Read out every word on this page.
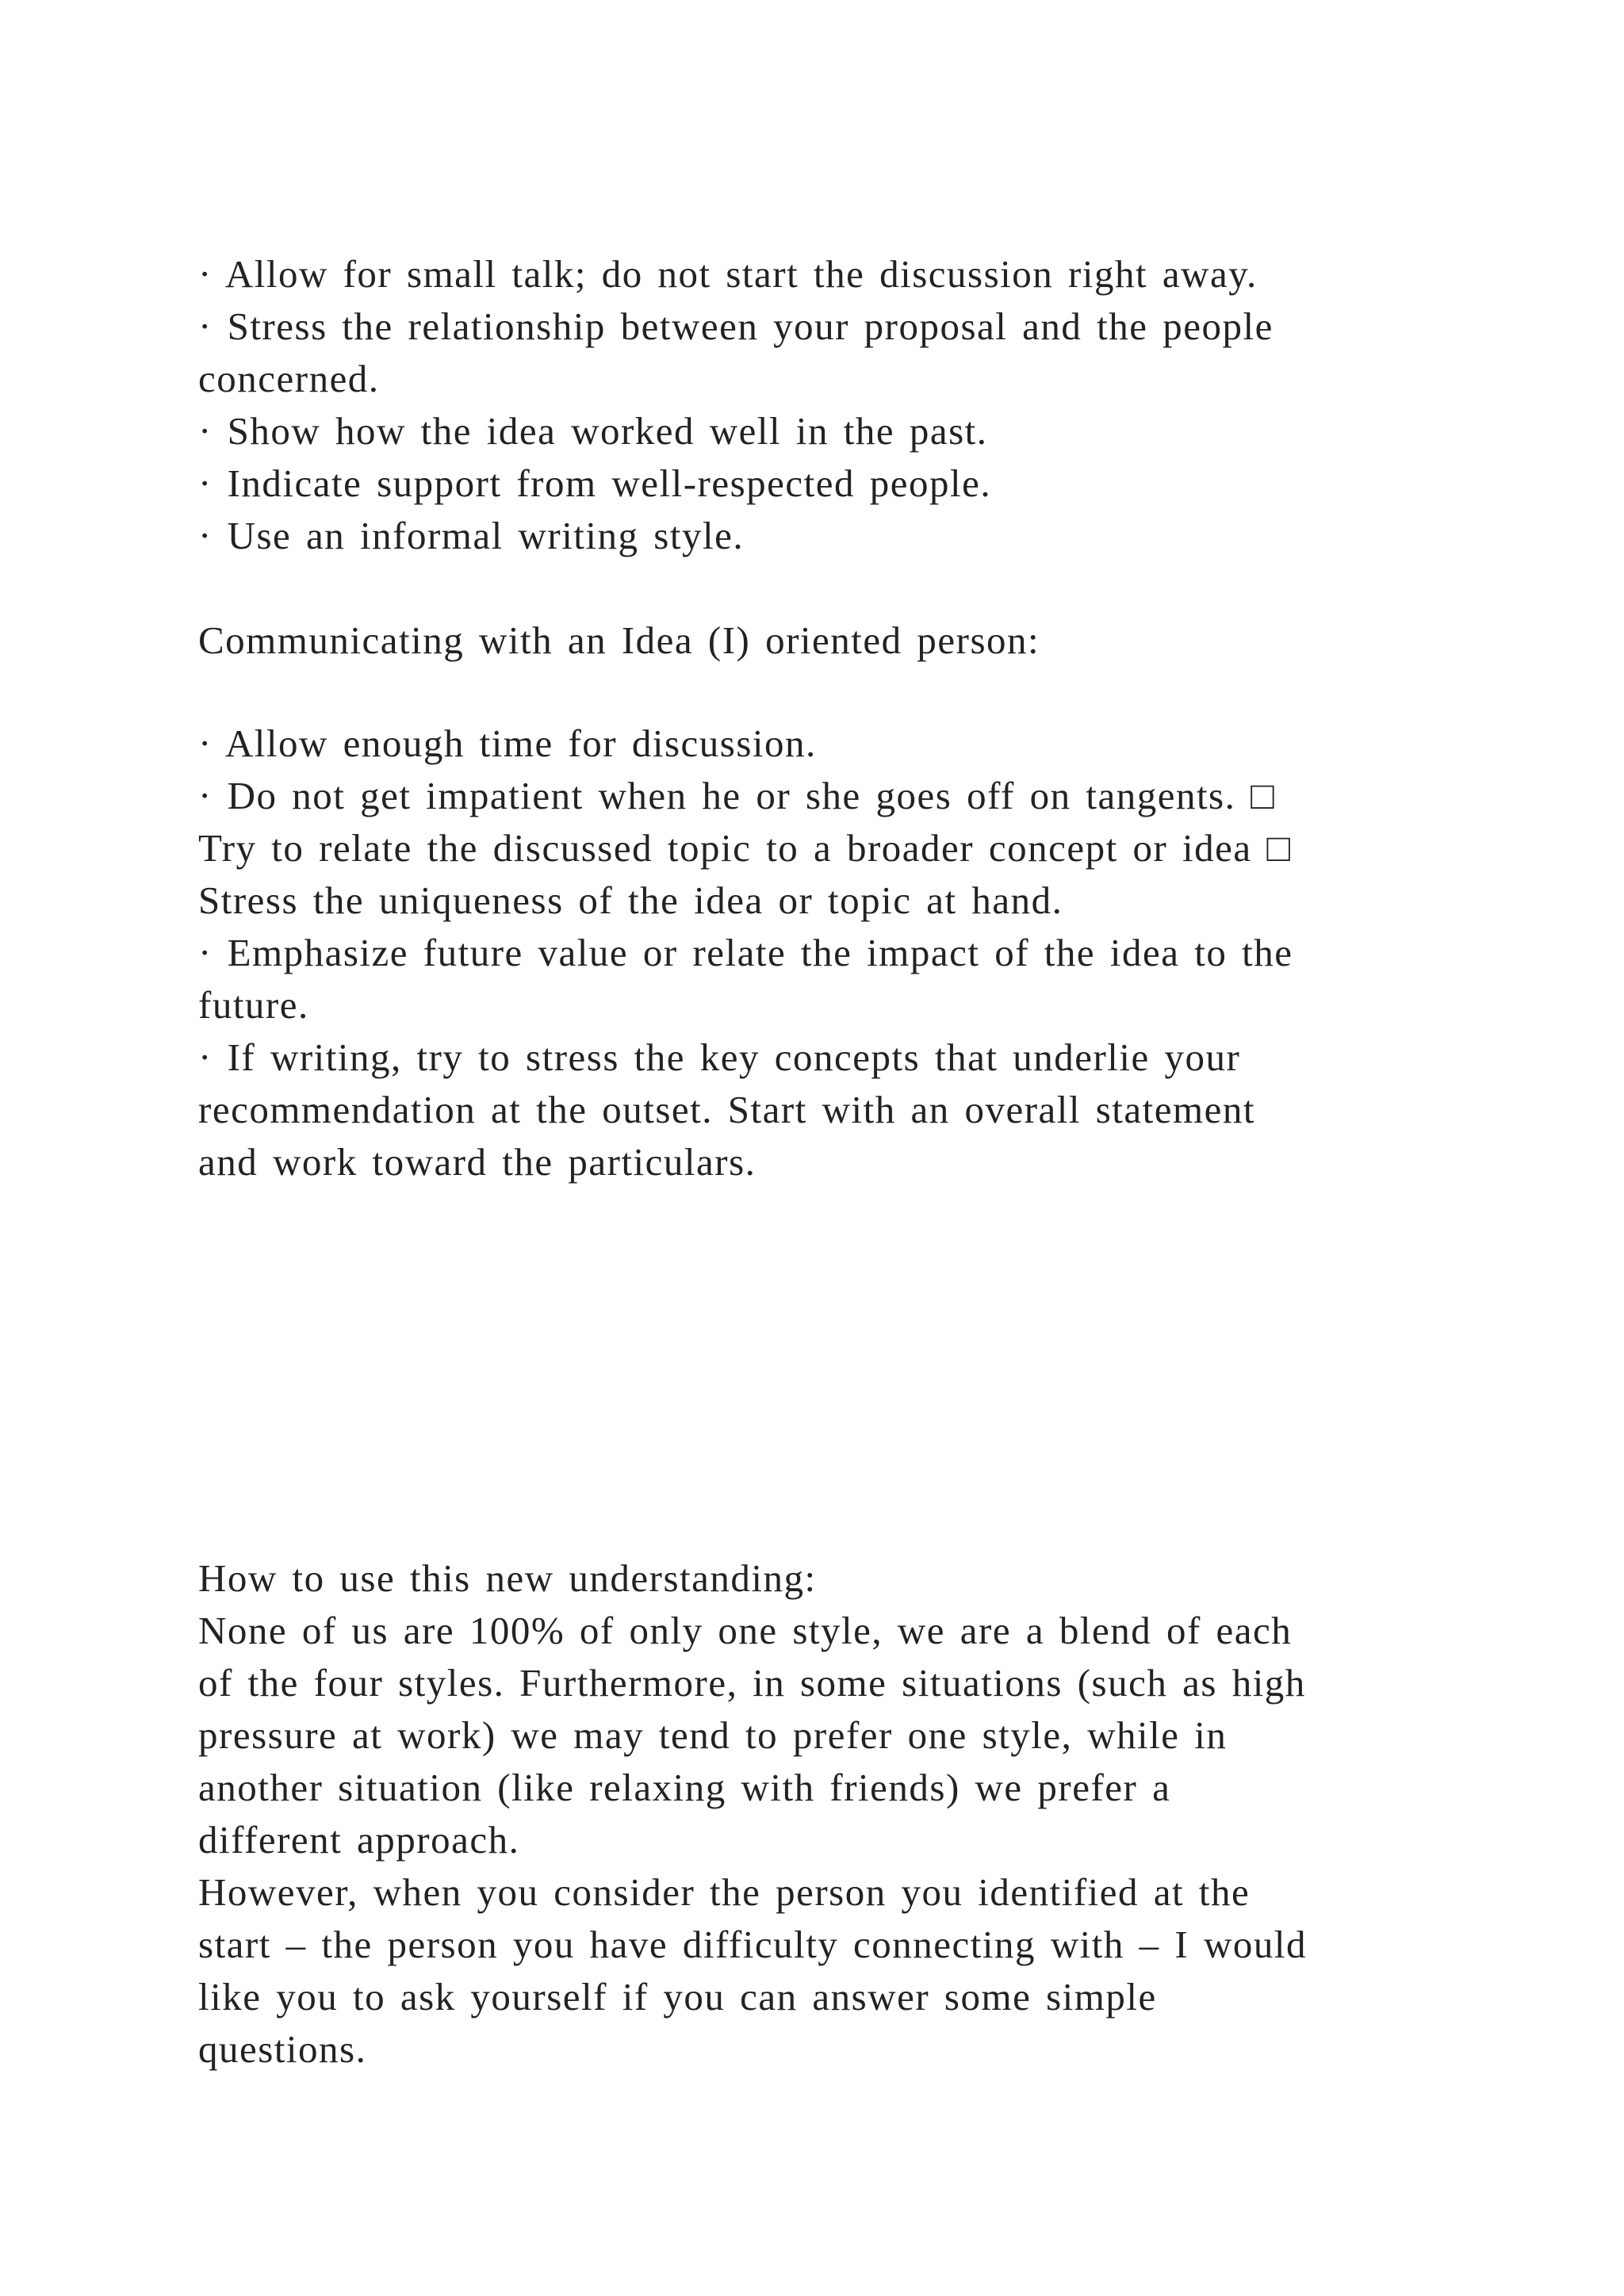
· Allow for small talk; do not start the discussion right away.
· Stress the relationship between your proposal and the people
concerned.
· Show how the idea worked well in the past.
· Indicate support from well-respected people.
· Use an informal writing style.
Communicating with an Idea (I) oriented person:
· Allow enough time for discussion.
· Do not get impatient when he or she goes off on tangents. □
Try to relate the discussed topic to a broader concept or idea □
Stress the uniqueness of the idea or topic at hand.
· Emphasize future value or relate the impact of the idea to the
future.
· If writing, try to stress the key concepts that underlie your
recommendation at the outset. Start with an overall statement
and work toward the particulars.
How to use this new understanding:
None of us are 100% of only one style, we are a blend of each
of the four styles. Furthermore, in some situations (such as high
pressure at work) we may tend to prefer one style, while in
another situation (like relaxing with friends) we prefer a
different approach.
However, when you consider the person you identified at the
start – the person you have difficulty connecting with – I would
like you to ask yourself if you can answer some simple
questions.
